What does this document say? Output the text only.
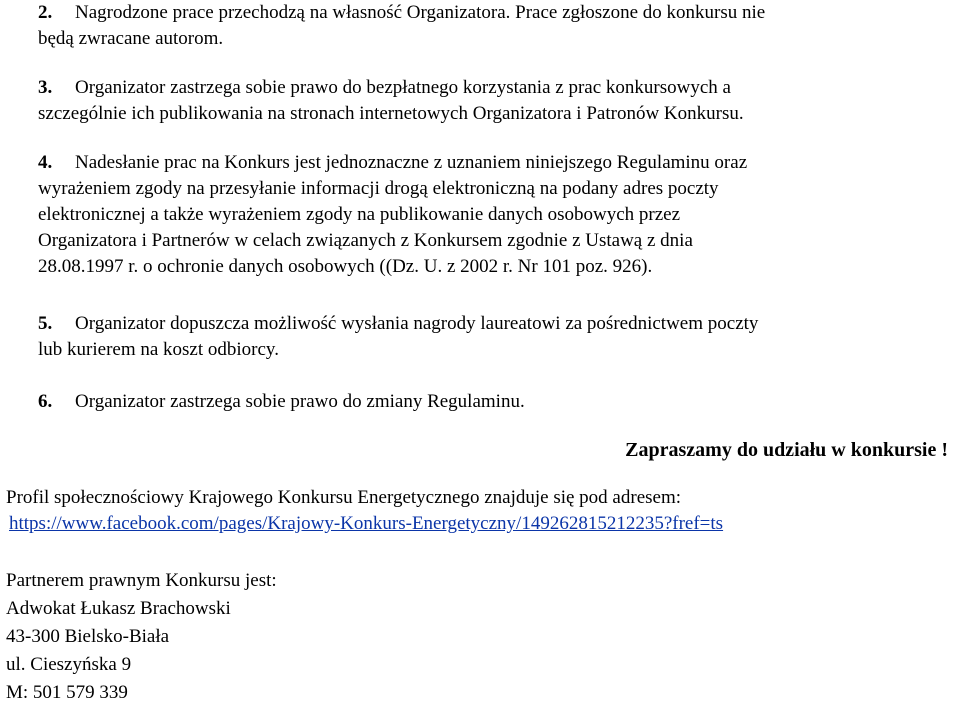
2. Nagrodzone prace przechodzą na własność Organizatora. Prace zgłoszone do konkursu nie
będą zwracane autorom.
3. Organizator zastrzega sobie prawo do bezpłatnego korzystania z prac konkursowych a
szczególnie ich publikowania na stronach internetowych Organizatora i Patronów Konkursu.
4. Nadesłanie prac na Konkurs jest jednoznaczne z uznaniem niniejszego Regulaminu oraz
wyrażeniem zgody na przesyłanie informacji drogą elektroniczną na podany adres poczty
elektronicznej a także wyrażeniem zgody na publikowanie danych osobowych przez
Organizatora i Partnerów w celach związanych z Konkursem zgodnie z Ustawą z dnia
28.08.1997 r. o ochronie danych osobowych ((Dz. U. z 2002 r. Nr 101 poz. 926).
5. Organizator dopuszcza możliwość wysłania nagrody laureatowi za pośrednictwem poczty
lub kurierem na koszt odbiorcy.
6. Organizator zastrzega sobie prawo do zmiany Regulaminu.
Zapraszamy do udziału w konkursie !
Profil społecznościowy Krajowego Konkursu Energetycznego znajduje się pod adresem:
https://www.facebook.com/pages/Krajowy-Konkurs-Energetyczny/149262815212235?fref=ts
Partnerem prawnym Konkursu jest:
Adwokat Łukasz Brachowski
43-300 Bielsko-Biała
ul. Cieszyńska 9
M: 501 579 339
